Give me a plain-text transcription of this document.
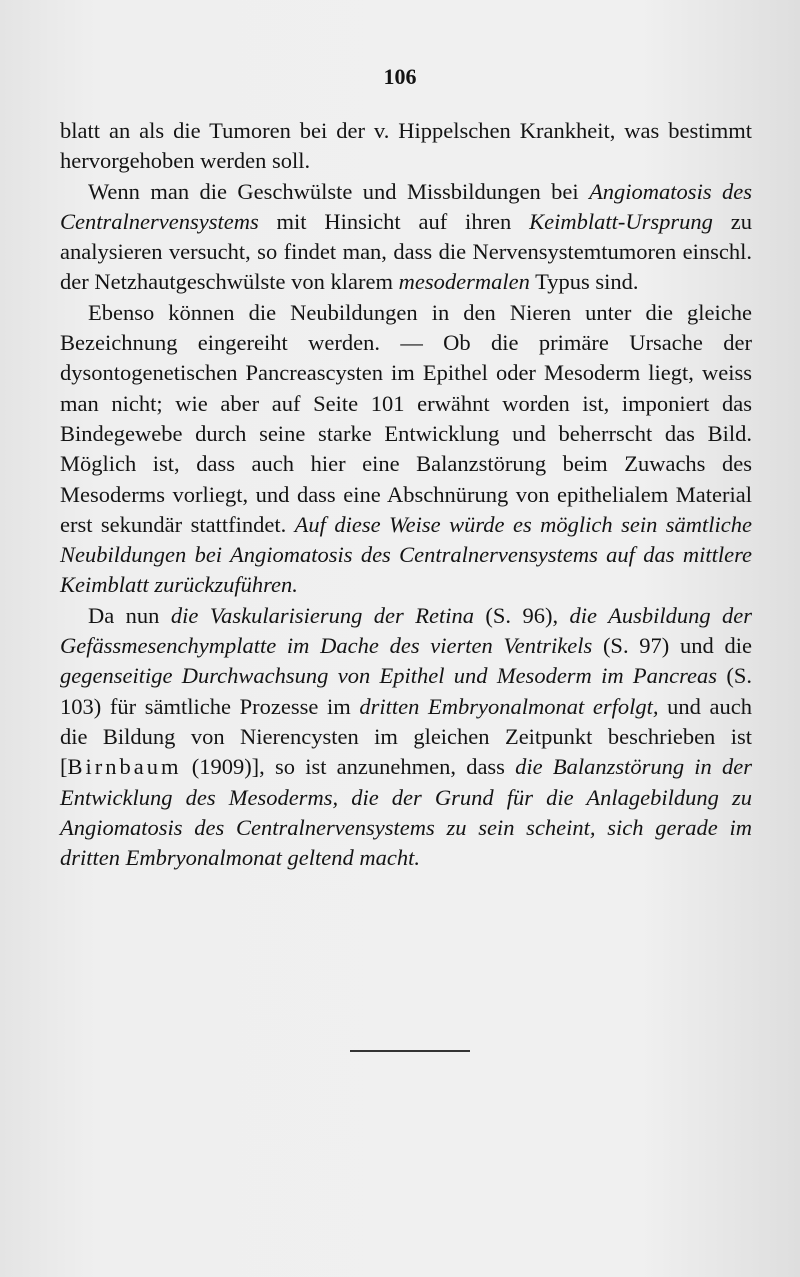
106

blatt an als die Tumoren bei der v. Hippelschen Krankheit, was bestimmt hervorgehoben werden soll.

Wenn man die Geschwülste und Missbildungen bei Angiomatosis des Centralnervensystems mit Hinsicht auf ihren Keimblatt-Ursprung zu analysieren versucht, so findet man, dass die Nervensystemtumoren einschl. der Netzhautgeschwülste von klarem mesodermalen Typus sind.

Ebenso können die Neubildungen in den Nieren unter die gleiche Bezeichnung eingereiht werden. — Ob die primäre Ursache der dysontogenetischen Pancreascysten im Epithel oder Mesoderm liegt, weiss man nicht; wie aber auf Seite 101 erwähnt worden ist, imponiert das Bindegewebe durch seine starke Entwicklung und beherrscht das Bild. Möglich ist, dass auch hier eine Balanzstörung beim Zuwachs des Mesoderms vorliegt, und dass eine Abschnürung von epithelialem Material erst sekundär stattfindet. Auf diese Weise würde es möglich sein sämtliche Neubildungen bei Angiomatosis des Centralnervensystems auf das mittlere Keimblatt zurückzuführen.

Da nun die Vaskularisierung der Retina (S. 96), die Ausbildung der Gefässmesenchymplatte im Dache des vierten Ventrikels (S. 97) und die gegenseitige Durchwachsung von Epithel und Mesoderm im Pancreas (S. 103) für sämtliche Prozesse im dritten Embryonalmonat erfolgt, und auch die Bildung von Nierencysten im gleichen Zeitpunkt beschrieben ist [Birnbaum (1909)], so ist anzunehmen, dass die Balanzstörung in der Entwicklung des Mesoderms, die der Grund für die Anlagebildung zu Angiomatosis des Centralnervensystems zu sein scheint, sich gerade im dritten Embryonalmonat geltend macht.
